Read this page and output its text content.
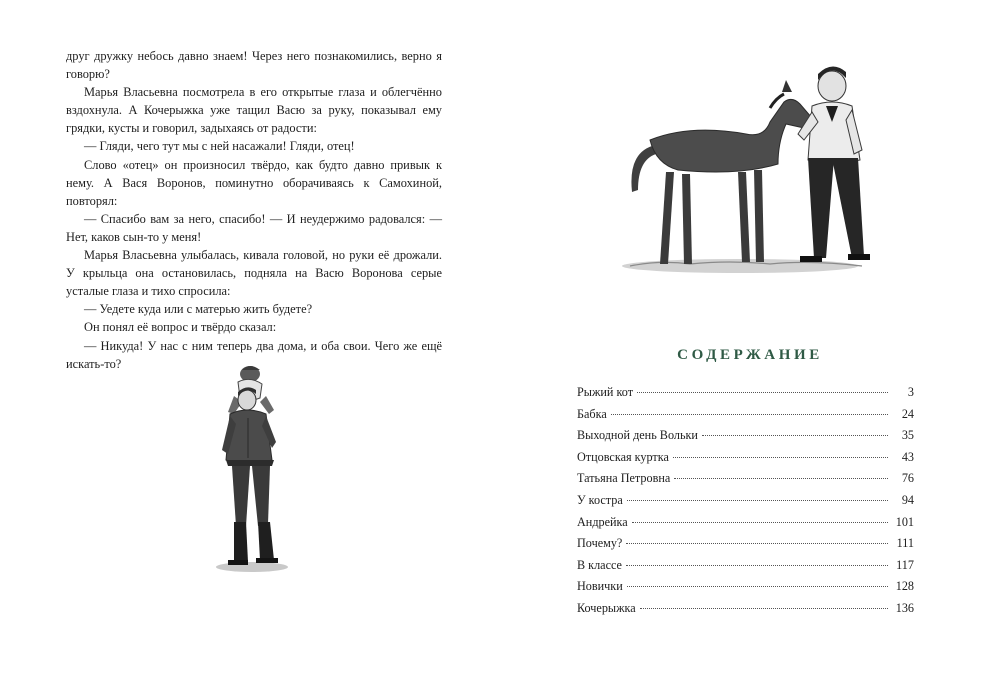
друг дружку небось давно знаем! Через него познакомились, верно я говорю?

Марья Власьевна посмотрела в его открытые глаза и облегчённо вздохнула. А Кочерыжка уже тащил Васю за руку, показывал ему грядки, кусты и говорил, задыхаясь от радости:

— Гляди, чего тут мы с ней насажали! Гляди, отец!

Слово «отец» он произносил твёрдо, как будто давно привык к нему. А Вася Воронов, поминутно оборачиваясь к Самохиной, повторял:

— Спасибо вам за него, спасибо! — И неудержимо радовался: — Нет, каков сын-то у меня!

Марья Власьевна улыбалась, кивала головой, но руки её дрожали. У крыльца она остановилась, подняла на Васю Воронова серые усталые глаза и тихо спросила:

— Уедете куда или с матерью жить будете?

Он понял её вопрос и твёрдо сказал:

— Никуда! У нас с ним теперь два дома, и оба свои. Чего же ещё искать-то?

СОДЕРЖАНИЕ
Рыжий кот	3
Бабка	24
Выходной день Вольки	35
Отцовская куртка	43
Татьяна Петровна	76
У костра	94
Андрейка	101
Почему?	111
В классе	117
Новички	128
Кочерыжка	136
